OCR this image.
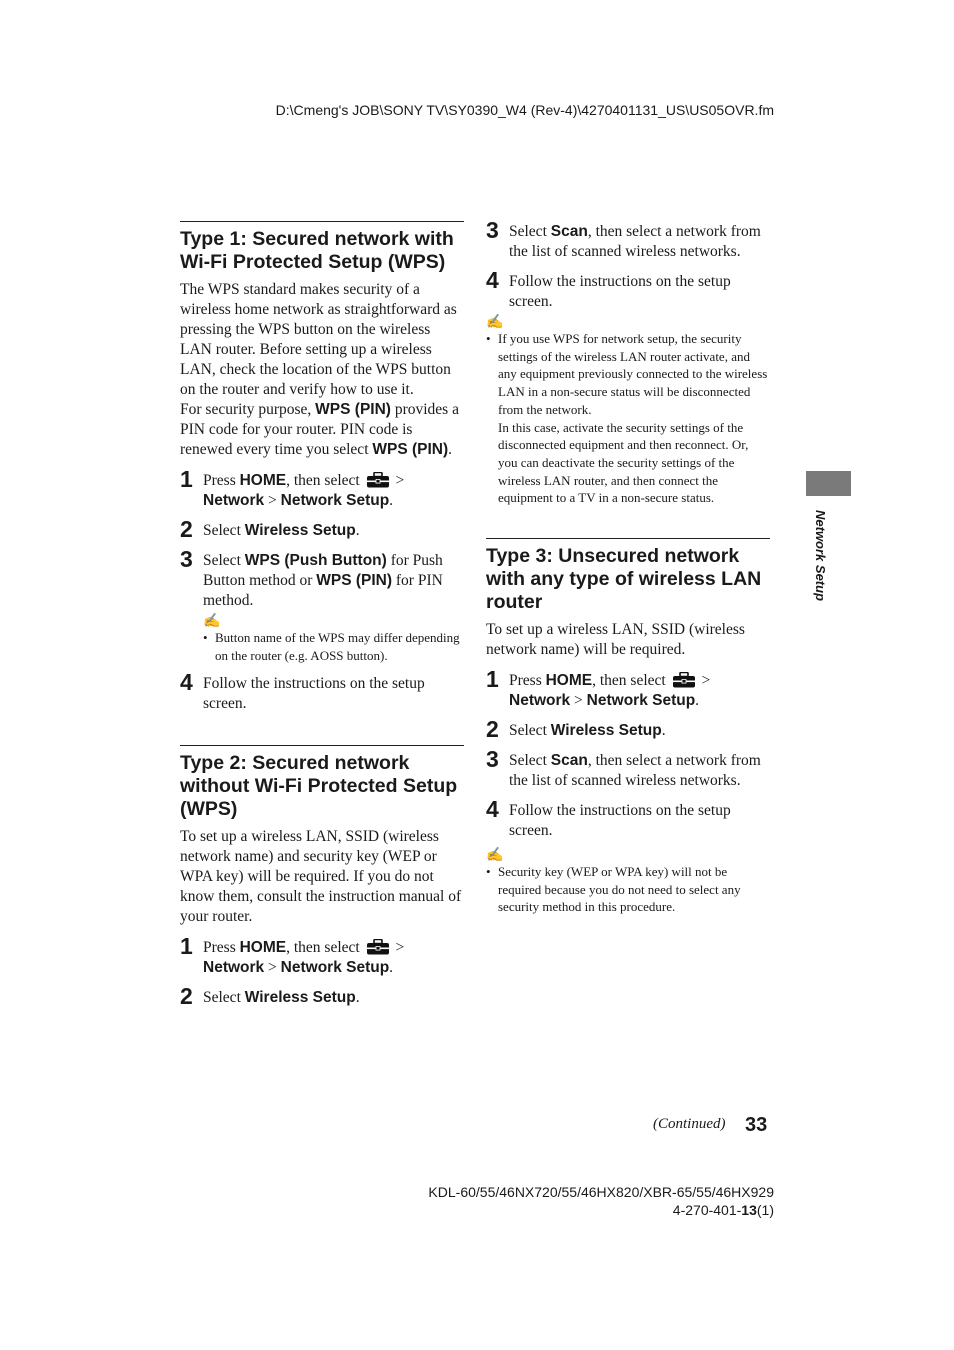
D:\Cmeng's JOB\SONY TV\SY0390_W4 (Rev-4)\4270401131_US\US05OVR.fm
Type 1: Secured network with Wi-Fi Protected Setup (WPS)

The WPS standard makes security of a wireless home network as straightforward as pressing the WPS button on the wireless LAN router. Before setting up a wireless LAN, check the location of the WPS button on the router and verify how to use it.

For security purpose, WPS (PIN) provides a PIN code for your router. PIN code is renewed every time you select WPS (PIN).

1 Press HOME, then select  > Network > Network Setup.
2 Select Wireless Setup.
3 Select WPS (Push Button) for Push Button method or WPS (PIN) for PIN method.
✍
• Button name of the WPS may differ depending on the router (e.g. AOSS button).
4 Follow the instructions on the setup screen.
Type 2: Secured network without Wi-Fi Protected Setup (WPS)

To set up a wireless LAN, SSID (wireless network name) and security key (WEP or WPA key) will be required. If you do not know them, consult the instruction manual of your router.

1 Press HOME, then select  > Network > Network Setup.
2 Select Wireless Setup.
3 Select Scan, then select a network from the list of scanned wireless networks.
4 Follow the instructions on the setup screen.
✍
• If you use WPS for network setup, the security settings of the wireless LAN router activate, and any equipment previously connected to the wireless LAN in a non-secure status will be disconnected from the network.
In this case, activate the security settings of the disconnected equipment and then reconnect. Or, you can deactivate the security settings of the wireless LAN router, and then connect the equipment to a TV in a non-secure status.
Type 3: Unsecured network with any type of wireless LAN router

To set up a wireless LAN, SSID (wireless network name) will be required.

1 Press HOME, then select  > Network > Network Setup.
2 Select Wireless Setup.
3 Select Scan, then select a network from the list of scanned wireless networks.
4 Follow the instructions on the setup screen.
✍
• Security key (WEP or WPA key) will not be required because you do not need to select any security method in this procedure.
Network Setup
(Continued) 33
KDL-60/55/46NX720/55/46HX820/XBR-65/55/46HX929
4-270-401-13(1)
